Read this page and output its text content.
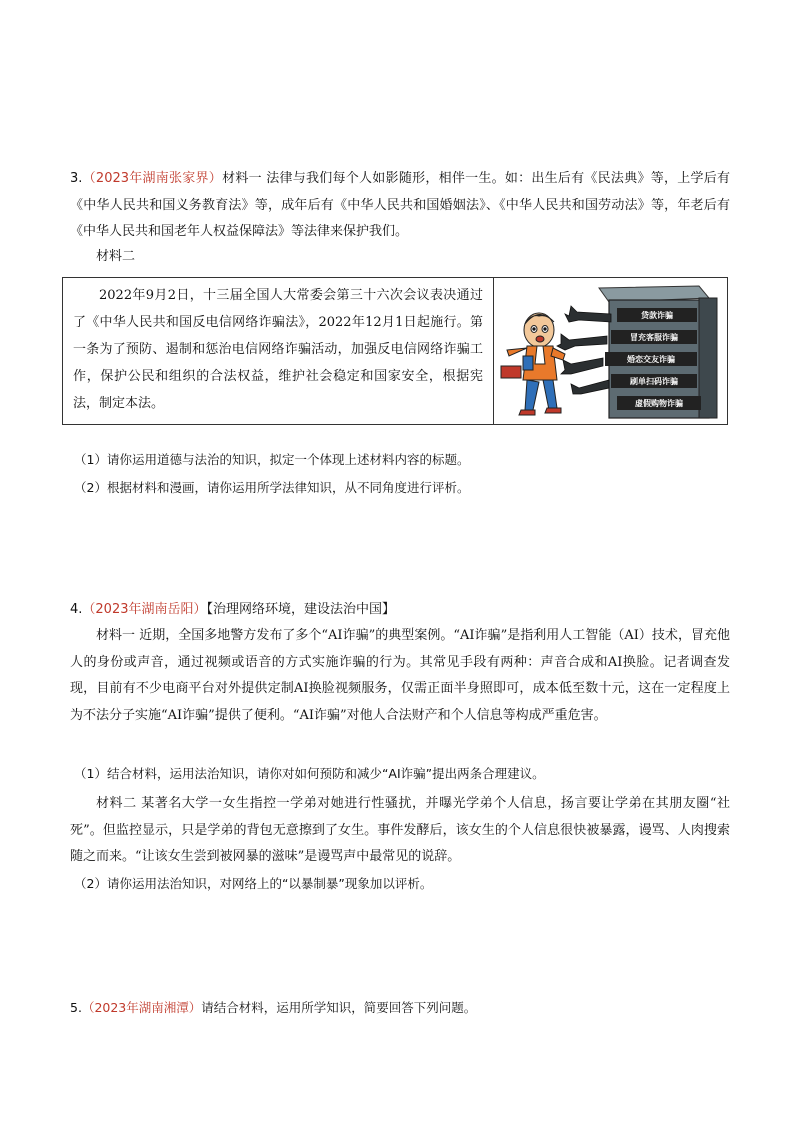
3.（2023年湖南张家界）材料一 法律与我们每个人如影随形，相伴一生。如：出生后有《民法典》等，上学后有《中华人民共和国义务教育法》等，成年后有《中华人民共和国婚姻法》、《中华人民共和国劳动法》等，年老后有《中华人民共和国老年人权益保障法》等法律来保护我们。
材料二
2022年9月2日，十三届全国人大常委会第三十六次会议表决通过了《中华人民共和国反电信网络诈骗法》，2022年12月1日起施行。第一条为了预防、遏制和惩治电信网络诈骗活动，加强反电信网络诈骗工作，保护公民和组织的合法权益，维护社会稳定和国家安全，根据宪法，制定本法。
贷款诈骗
冒充客服诈骗
婚恋交友诈骗
刷单扫码诈骗
虚假购物诈骗
（1）请你运用道德与法治的知识，拟定一个体现上述材料内容的标题。
（2）根据材料和漫画，请你运用所学法律知识，从不同角度进行评析。
4.（2023年湖南岳阳）【治理网络环境，建设法治中国】
材料一 近期，全国多地警方发布了多个“AI诈骗”的典型案例。“AI诈骗”是指利用人工智能（AI）技术，冒充他人的身份或声音，通过视频或语音的方式实施诈骗的行为。其常见手段有两种：声音合成和AI换脸。记者调查发现，目前有不少电商平台对外提供定制AI换脸视频服务，仅需正面半身照即可，成本低至数十元，这在一定程度上为不法分子实施“AI诈骗”提供了便利。“AI诈骗”对他人合法财产和个人信息等构成严重危害。
（1）结合材料，运用法治知识，请你对如何预防和减少“AI诈骗”提出两条合理建议。
材料二 某著名大学一女生指控一学弟对她进行性骚扰，并曝光学弟个人信息，扬言要让学弟在其朋友圈“社死”。但监控显示，只是学弟的背包无意擦到了女生。事件发酵后，该女生的个人信息很快被暴露，谩骂、人肉搜索随之而来。“让该女生尝到被网暴的滋味”是谩骂声中最常见的说辞。
（2）请你运用法治知识，对网络上的“以暴制暴”现象加以评析。
5.（2023年湖南湘潭）请结合材料，运用所学知识，简要回答下列问题。
